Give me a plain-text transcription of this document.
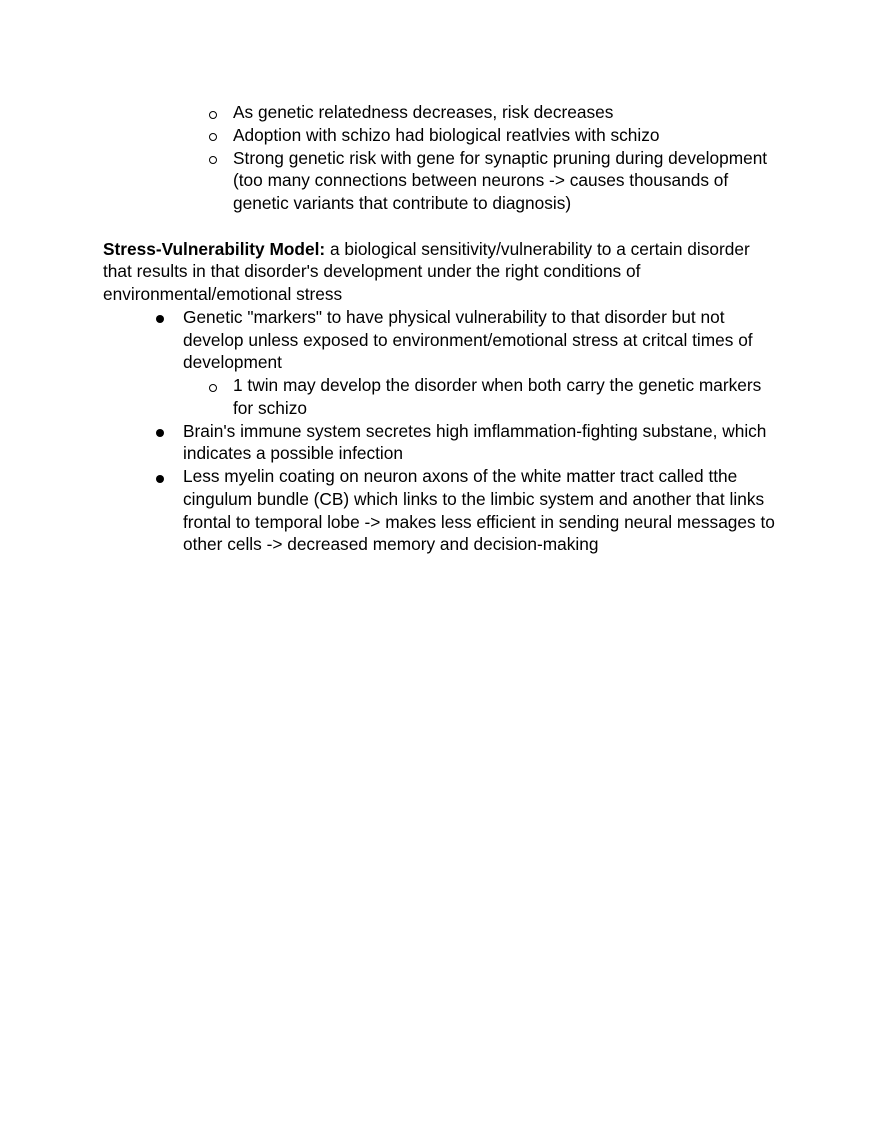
As genetic relatedness decreases, risk decreases
Adoption with schizo had biological reatlvies with schizo
Strong genetic risk with gene for synaptic pruning during development (too many connections between neurons -> causes thousands of genetic variants that contribute to diagnosis)

Stress-Vulnerability Model: a biological sensitivity/vulnerability to a certain disorder that results in that disorder's development under the right conditions of environmental/emotional stress

Genetic "markers" to have physical vulnerability to that disorder but not develop unless exposed to environment/emotional stress at critcal times of development
1 twin may develop the disorder when both carry the genetic markers for schizo
Brain's immune system secretes high imflammation-fighting substane, which indicates a possible infection
Less myelin coating on neuron axons of the white matter tract called tthe cingulum bundle (CB) which links to the limbic system and another that links frontal to temporal lobe -> makes less efficient in sending neural messages to other cells -> decreased memory and decision-making
